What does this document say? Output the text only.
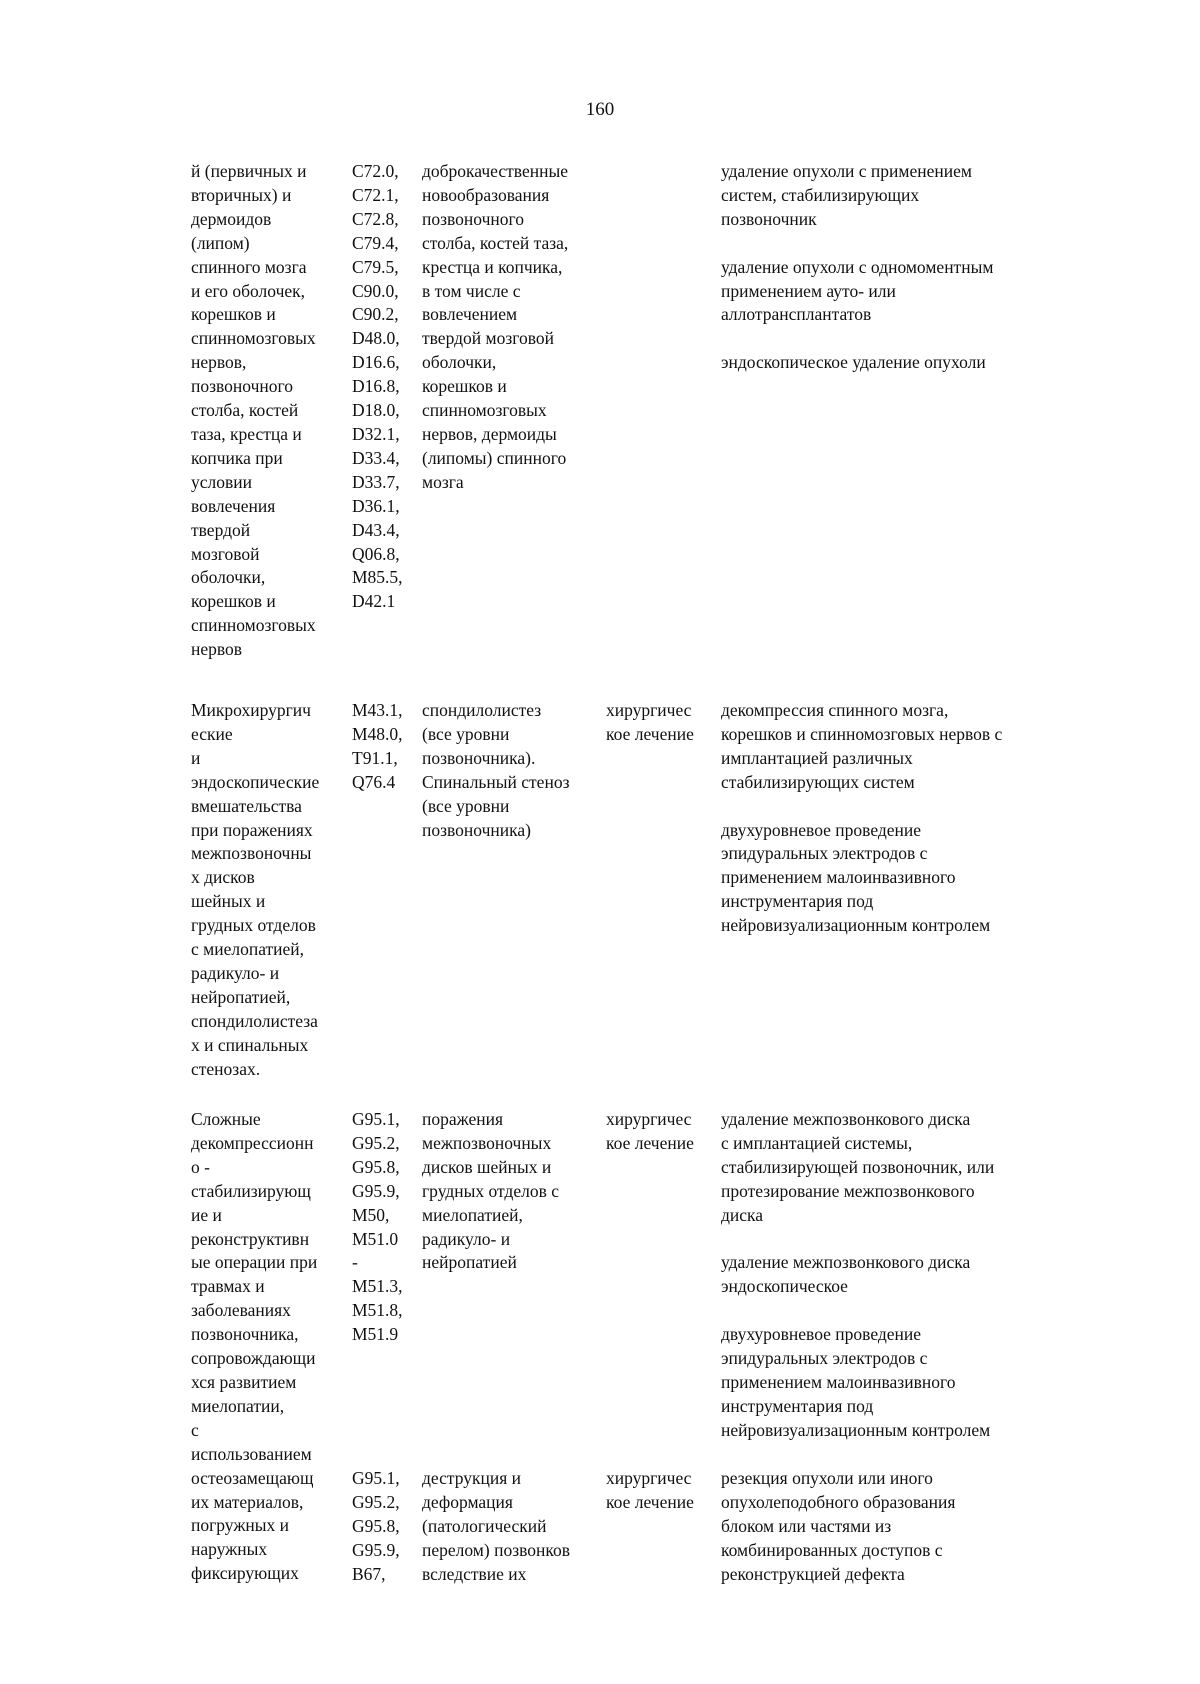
160
й (первичных и
вторичных) и
дермоидов
(липом)
спинного мозга
и его оболочек,
корешков и
спинномозговых
нервов,
позвоночного
столба, костей
таза, крестца и
копчика при
условии
вовлечения
твердой
мозговой
оболочки,
корешков и
спинномозговых
нервов
C72.0,
C72.1,
C72.8,
C79.4,
C79.5,
C90.0,
C90.2,
D48.0,
D16.6,
D16.8,
D18.0,
D32.1,
D33.4,
D33.7,
D36.1,
D43.4,
Q06.8,
M85.5,
D42.1
доброкачественные
новообразования
позвоночного
столба, костей таза,
крестца и копчика,
в том числе с
вовлечением
твердой мозговой
оболочки,
корешков и
спинномозговых
нервов, дермоиды
(липомы) спинного
мозга
удаление опухоли с применением
систем, стабилизирующих
позвоночник

удаление опухоли с одномоментным
применением ауто- или
аллотрансплантатов

эндоскопическое удаление опухоли
Микрохирургич
еские
и
эндоскопические
вмешательства
при поражениях
межпозвоночны
х дисков
шейных и
грудных отделов
с миелопатией,
радикуло- и
нейропатией,
спондилолистеза
х и спинальных
стенозах.
M43.1,
M48.0,
T91.1,
Q76.4
спондилолистез
(все уровни
позвоночника).
Спинальный стеноз
(все уровни
позвоночника)
хирургичес
кое лечение
декомпрессия спинного мозга,
корешков и спинномозговых нервов с
имплантацией различных
стабилизирующих систем

двухуровневое проведение
эпидуральных электродов с
применением малоинвазивного
инструментария под
нейровизуализационным контролем
Сложные
декомпрессионн
о -
стабилизирующ
ие и
реконструктивн
ые операции при
травмах и
заболеваниях
позвоночника,
сопровождающи
хся развитием
миелопатии,
с
использованием
остеозамещающ
их материалов,
погружных и
наружных
фиксирующих
G95.1,
G95.2,
G95.8,
G95.9,
M50,
M51.0
-
M51.3,
M51.8,
M51.9
поражения
межпозвоночных
дисков шейных и
грудных отделов с
миелопатией,
радикуло- и
нейропатией
хирургичес
кое лечение
удаление межпозвонкового диска
с имплантацией системы,
стабилизирующей позвоночник, или
протезирование межпозвонкового
диска

удаление межпозвонкового диска
эндоскопическое

двухуровневое проведение
эпидуральных электродов с
применением малоинвазивного
инструментария под
нейровизуализационным контролем
G95.1,
G95.2,
G95.8,
G95.9,
B67,
деструкция и
деформация
(патологический
перелом) позвонков
вследствие их
хирургичес
кое лечение
резекция опухоли или иного
опухолеподобного образования
блоком или частями из
комбинированных доступов с
реконструкцией дефекта
